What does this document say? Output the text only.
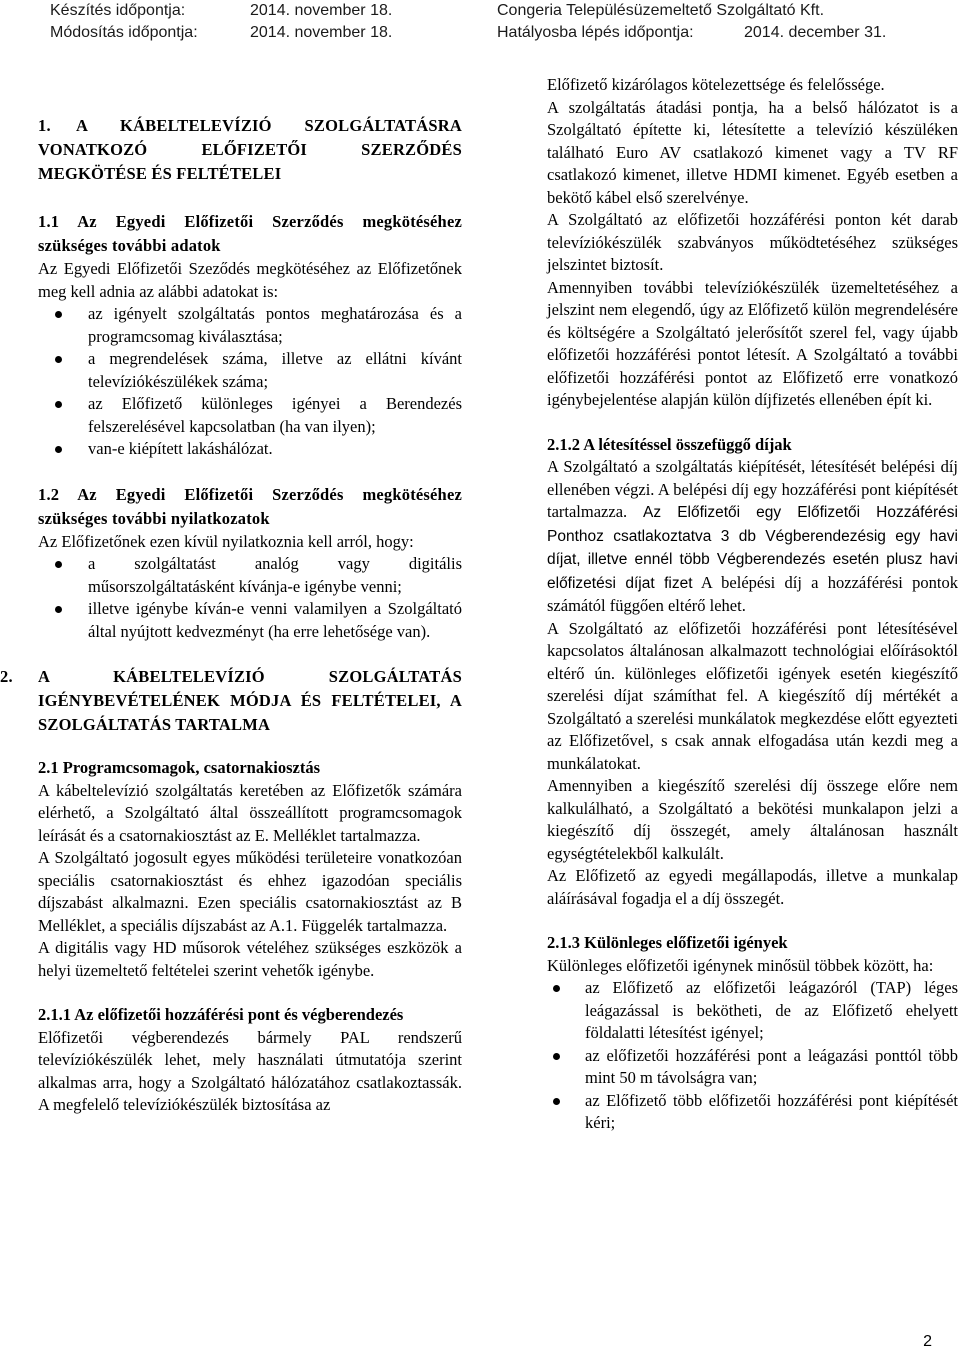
Készítés időpontja:	2014. november 18.
Módosítás időpontja:	2014. november 18.
Congeria Településüzemeltető Szolgáltató Kft.
Hatályosba lépés időpontja:	2014. december 31.

1. A KÁBELTELEVÍZIÓ SZOLGÁLTATÁSRA VONATKOZÓ ELŐFIZETŐI SZERZŐDÉS MEGKÖTÉSE ÉS FELTÉTELEI

1.1 Az Egyedi Előfizetői Szerződés megkötéséhez szükséges további adatok

Az Egyedi Előfizetői Szeződés megkötéséhez az Előfizetőnek meg kell adnia az alábbi adatokat is:

az igényelt szolgáltatás pontos meghatározása és a programcsomag kiválasztása;
a megrendelések száma, illetve az ellátni kívánt televíziókészülékek száma;
az Előfizető különleges igényei a Berendezés felszerelésével kapcsolatban (ha van ilyen);
van-e kiépített lakáshálózat.

1.2 Az Egyedi Előfizetői Szerződés megkötéséhez szükséges további nyilatkozatok

Az Előfizetőnek ezen kívül nyilatkoznia kell arról, hogy:

a szolgáltatást analóg vagy digitális műsorszolgáltatásként kívánja-e igénybe venni;
illetve igénybe kíván-e venni valamilyen a Szolgáltató által nyújtott kedvezményt (ha erre lehetősége van).

2. A KÁBELTELEVÍZIÓ SZOLGÁLTATÁS IGÉNYBEVÉTELÉNEK MÓDJA ÉS FELTÉTELEI, A SZOLGÁLTATÁS TARTALMA

2.1 Programcsomagok, csatornakiosztás

A kábeltelevízió szolgáltatás keretében az Előfizetők számára elérhető, a Szolgáltató által összeállított programcsomagok leírását és a csatornakiosztást az E. Melléklet tartalmazza.

A Szolgáltató jogosult egyes működési területeire vonatkozóan speciális csatornakiosztást és ehhez igazodóan speciális díjszabást alkalmazni. Ezen speciális csatornakiosztást az B Melléklet, a speciális díjszabást az A.1. Függelék tartalmazza.

A digitális vagy HD műsorok vételéhez szükséges eszközök a helyi üzemeltető feltételei szerint vehetők igénybe.

2.1.1 Az előfizetői hozzáférési pont és végberendezés

Előfizetői végberendezés bármely PAL rendszerű televíziókészülék lehet, mely használati útmutatója szerint alkalmas arra, hogy a Szolgáltató hálózatához csatlakoztassák. A megfelelő televíziókészülék biztosítása az

Előfizető kizárólagos kötelezettsége és felelőssége.

A szolgáltatás átadási pontja, ha a belső hálózatot is a Szolgáltató építette ki, létesítette a televízió készüléken található Euro AV csatlakozó kimenet vagy a TV RF csatlakozó kimenet, illetve HDMI kimenet. Egyéb esetben a bekötő kábel első szerelvénye.

A Szolgáltató az előfizetői hozzáférési ponton két darab televíziókészülék szabványos működtetéséhez szükséges jelszintet biztosít.

Amennyiben további televíziókészülék üzemeltetéséhez a jelszint nem elegendő, úgy az Előfizető külön megrendelésére és költségére a Szolgáltató jelerősítőt szerel fel, vagy újabb előfizetői hozzáférési pontot létesít. A Szolgáltató a további előfizetői hozzáférési pontot az Előfizető erre vonatkozó igénybejelentése alapján külön díjfizetés ellenében épít ki.

2.1.2 A létesítéssel összefüggő díjak

A Szolgáltató a szolgáltatás kiépítését, létesítését belépési díj ellenében végzi. A belépési díj egy hozzáférési pont kiépítését tartalmazza. Az Előfizetői egy Előfizetői Hozzáférési Ponthoz csatlakoztatva 3 db Végberendezésig egy havi díjat, illetve ennél több Végberendezés esetén plusz havi előfizetési díjat fizet A belépési díj a hozzáférési pontok számától függően eltérő lehet.

A Szolgáltató az előfizetői hozzáférési pont létesítésével kapcsolatos általánosan alkalmazott technológiai előírásoktól eltérő ún. különleges előfizetői igények esetén kiegészítő szerelési díjat számíthat fel. A kiegészítő díj mértékét a Szolgáltató a szerelési munkálatok megkezdése előtt egyezteti az Előfizetővel, s csak annak elfogadása után kezdi meg a munkálatokat.

Amennyiben a kiegészítő szerelési díj összege előre nem kalkulálható, a Szolgáltató a bekötési munkalapon jelzi a kiegészítő díj összegét, amely általánosan használt egységtételekből kalkulált.

Az Előfizető az egyedi megállapodás, illetve a munkalap aláírásával fogadja el a díj összegét.

2.1.3 Különleges előfizetői igények

Különleges előfizetői igénynek minősül többek között, ha:

az Előfizető az előfizetői leágazóról (TAP) léges leágazással is bekötheti, de az Előfizető ehelyett földalatti létesítést igényel;
az előfizetői hozzáférési pont a leágazási ponttól több mint 50 m távolságra van;
az Előfizető több előfizetői hozzáférési pont kiépítését kéri;
2
